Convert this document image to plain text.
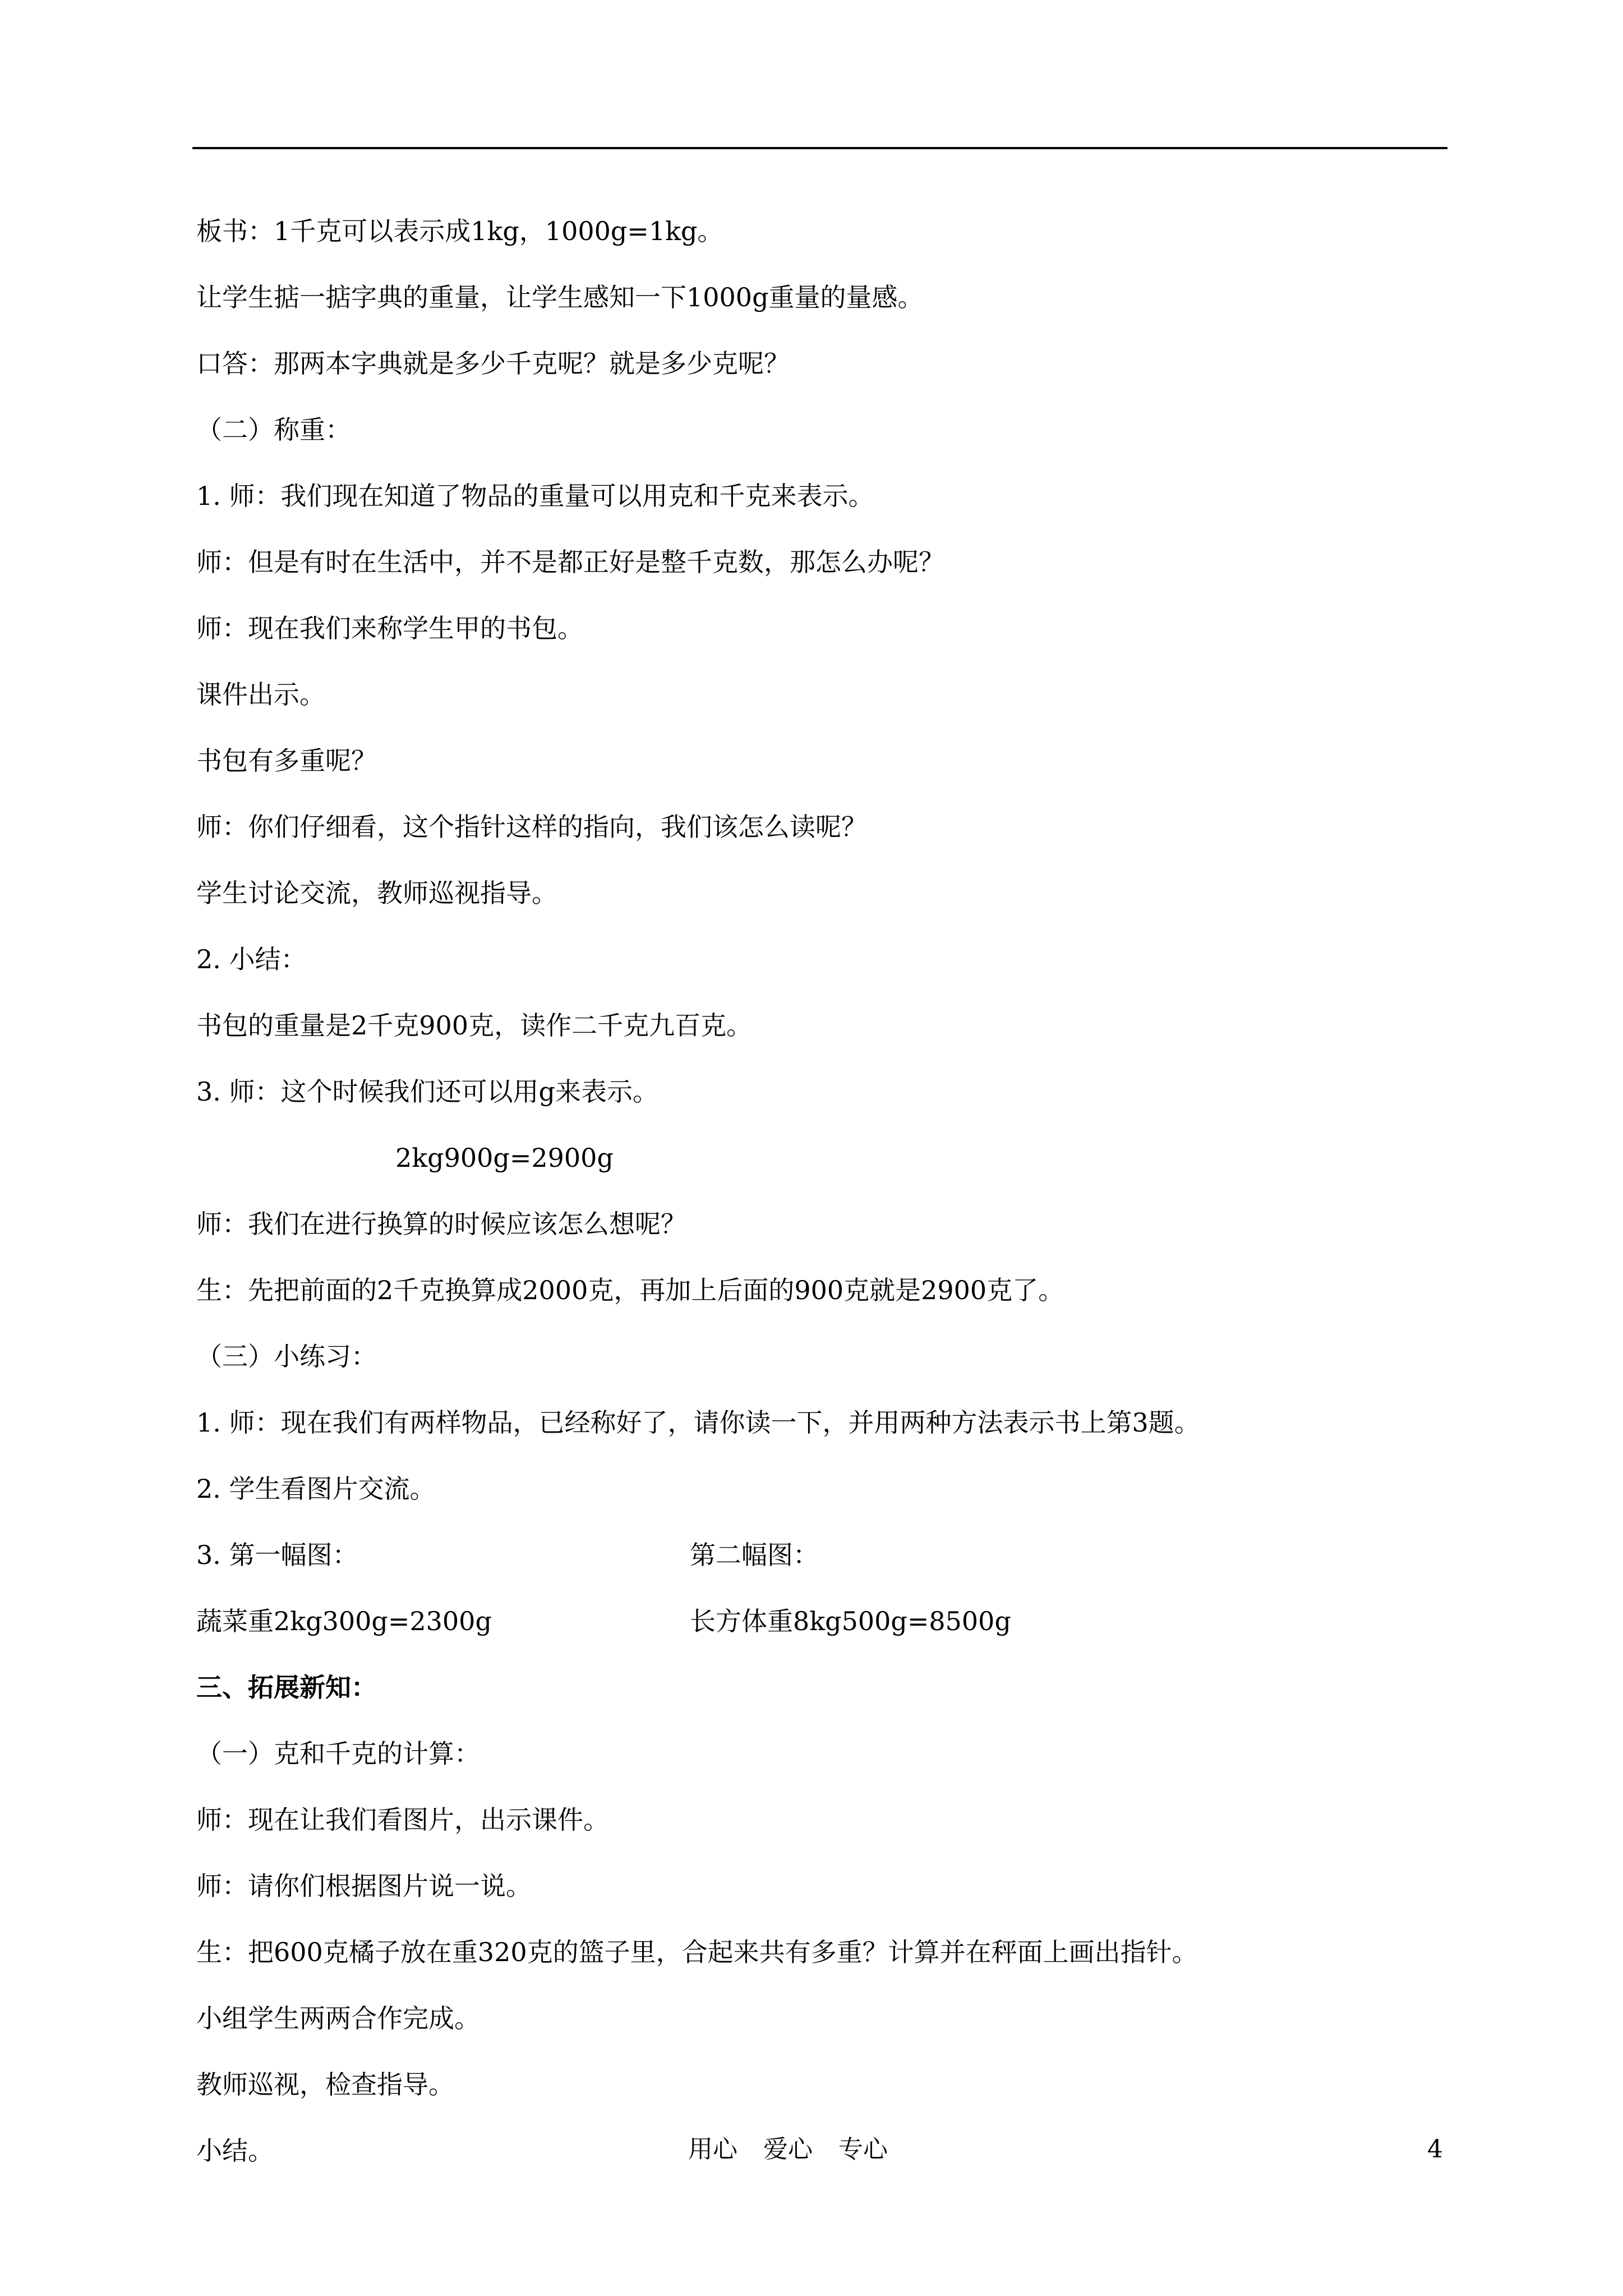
板书：1千克可以表示成1kg，1000g=1kg。
让学生掂一掂字典的重量，让学生感知一下1000g重量的量感。
口答：那两本字典就是多少千克呢？就是多少克呢？
（二）称重：
1. 师：我们现在知道了物品的重量可以用克和千克来表示。
师：但是有时在生活中，并不是都正好是整千克数，那怎么办呢？
师：现在我们来称学生甲的书包。
课件出示。
书包有多重呢？
师：你们仔细看，这个指针这样的指向，我们该怎么读呢？
学生讨论交流，教师巡视指导。
2. 小结：
书包的重量是2千克900克，读作二千克九百克。
3. 师：这个时候我们还可以用g来表示。
2kg900g=2900g
师：我们在进行换算的时候应该怎么想呢？
生：先把前面的2千克换算成2000克，再加上后面的900克就是2900克了。
（三）小练习：
1. 师：现在我们有两样物品，已经称好了，请你读一下，并用两种方法表示书上第3题。
2. 学生看图片交流。
3. 第一幅图：	第二幅图：
蔬菜重2kg300g=2300g	长方体重8kg500g=8500g
三、拓展新知：
（一）克和千克的计算：
师：现在让我们看图片，出示课件。
师：请你们根据图片说一说。
生：把600克橘子放在重320克的篮子里，合起来共有多重？计算并在秤面上画出指针。
小组学生两两合作完成。
教师巡视，检查指导。
小结。	用心 爱心 专心	4
